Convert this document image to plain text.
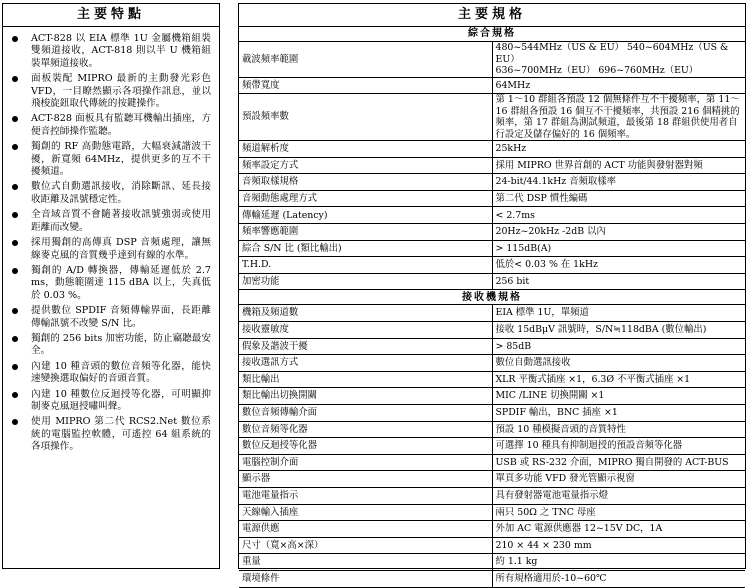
主要特點
ACT-828 以 EIA 標準 1U 金屬機箱組裝雙頻道接收，ACT-818 則以半 U 機箱組裝單頻道接收。
面板裝配 MIPRO 最新的主動發光彩色 VFD，一目瞭然顯示各項操作訊息，並以飛梭旋鈕取代傳統的按鍵操作。
ACT-828 面板具有監聽耳機輸出插座，方便音控師操作監聽。
獨創的 RF 高動態電路，大幅衰減諧波干擾，新寬頻 64MHz，提供更多的互不干擾頻道。
數位式自動選訊接收，消除斷訊、延長接收距離及訊號穩定性。
全音域音質不會隨著接收訊號強弱或使用距離而改變。
採用獨創的高傳真 DSP 音頻處理，讓無線麥克風的音質幾乎達到有線的水準。
獨創的 A/D 轉換器，傳輸延遲低於 2.7 ms，動態範圍達 115 dBA 以上，失真低於 0.03 %。
提供數位 SPDIF 音頻傳輸界面，長距離傳輸訊號不改變 S/N 比。
獨創的 256 bits 加密功能，防止竊聽最安全。
內建 10 種音頭的數位音頻等化器，能快速變換選取偏好的音頭音質。
內建 10 種數位反迴授等化器，可明顯抑制麥克風迴授嘯叫聲。
使用 MIPRO 第二代 RCS2.Net 數位系統的電腦監控軟體，可遙控 64 組系統的各項操作。
主要規格
綜合規格	
載波頻率範圍	480~544MHz（US & EU） 540~604MHz（US & EU）
636~700MHz（EU） 696~760MHz（EU）
頻帶寬度	64MHz
預設頻率數	第 1～10 群組各預設 12 個無條件互不干擾頻率，第 11～16 群組各預設 16 個互不干擾頻率，共預設 216 個精挑的頻率，第 17 群組為測試頻道，最後第 18 群組供使用者自行設定及儲存偏好的 16 個頻率。
頻道解析度	25kHz
頻率設定方式	採用 MIPRO 世界首創的 ACT 功能與發射器對頻
音頻取樣規格	24-bit/44.1kHz 音頻取樣率
音頻動態處理方式	第二代 DSP 慣性編碼
傳輸延遲 (Latency)	< 2.7ms
頻率響應範圍	20Hz~20kHz -2dB 以內
綜合 S/N 比 (類比輸出)	> 115dB(A)
T.H.D.	低於< 0.03 % 在 1kHz
加密功能	256 bit
接收機規格	
機箱及頻道數	EIA 標準 1U，單頻道
接收靈敏度	接收 15dBμV 訊號時，S/N≒118dBA (數位輸出)
假象及諧波干擾	> 85dB
接收選訊方式	數位自動選訊接收
類比輸出	XLR 平衡式插座 ×1，6.3Ø 不平衡式插座 ×1
類比輸出切換開關	MIC /LINE 切換開關 ×1
數位音頻傳輸介面	SPDIF 輸出，BNC 插座 ×1
數位音頻等化器	預設 10 種模擬音頭的音質特性
數位反迴授等化器	可選擇 10 種具有抑制迴授的預設音頻等化器
電腦控制介面	USB 或 RS-232 介面，MIPRO 獨自開發的 ACT-BUS
顯示器	單頁多功能 VFD 發光管顯示視窗
電池電量指示	具有發射器電池電量指示燈
天線輸入插座	兩只 50Ω 之 TNC 母座
電源供應	外加 AC 電源供應器 12~15V DC，1A
尺寸（寬×高×深）	210 × 44 × 230 mm
重量	約 1.1 kg
環境條件	所有規格適用於-10~60℃
